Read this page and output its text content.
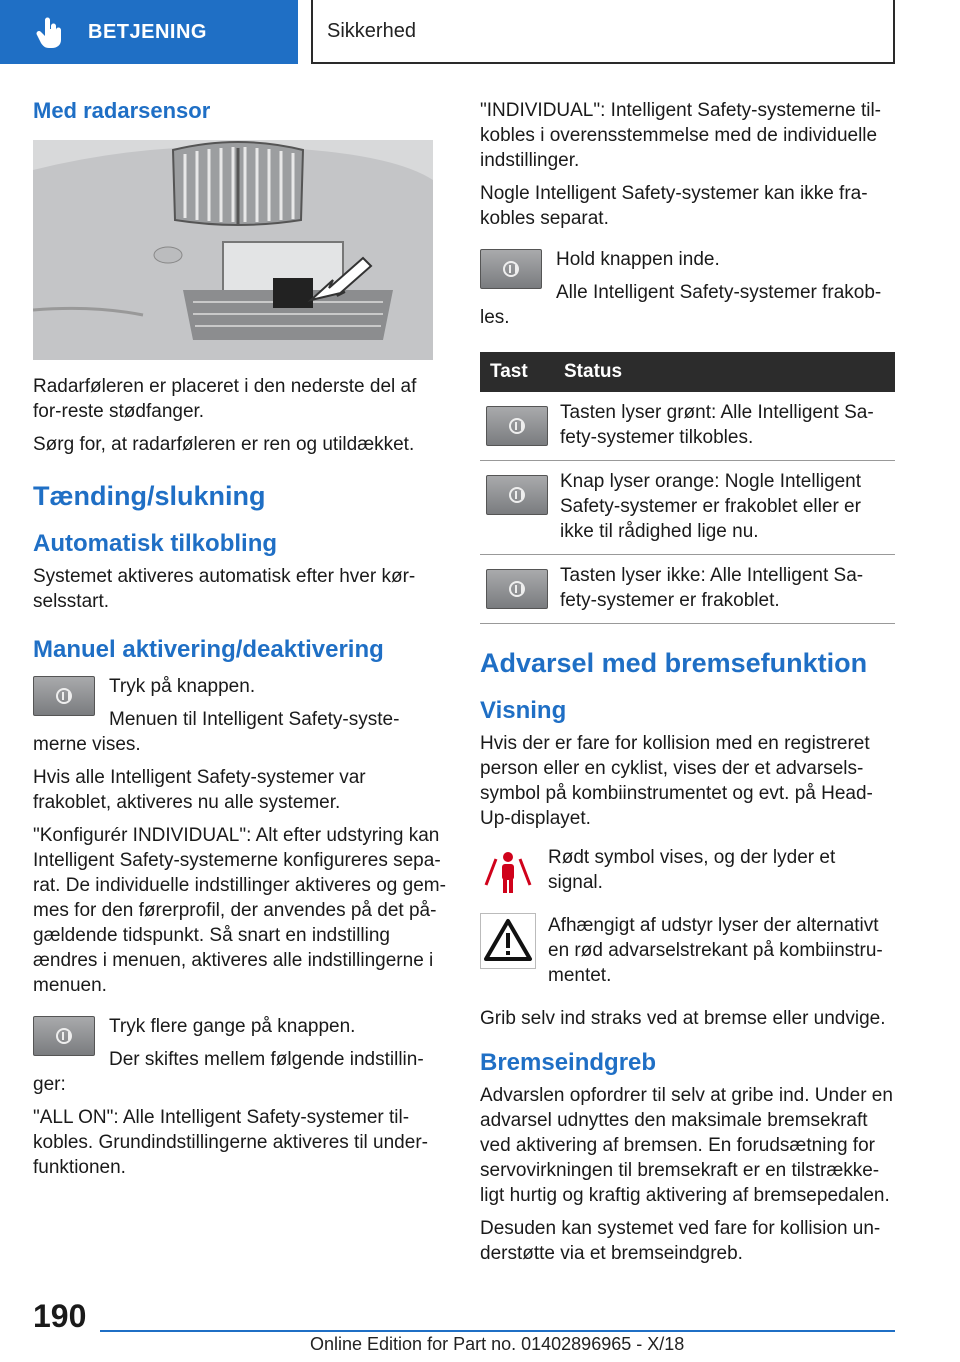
BETJENING	Sikkerhed
Med radarsensor

Radarføleren er placeret i den nederste del af for-reste stødfanger.

Sørg for, at radarføleren er ren og utildækket.

Tænding/slukning
Automatisk tilkobling

Systemet aktiveres automatisk efter hver kør-selsstart.

Manuel aktivering/deaktivering

Tryk på knappen.

Menuen til Intelligent Safety-syste-merne vises.

Hvis alle Intelligent Safety-systemer var frakoblet, aktiveres nu alle systemer.

"Konfigurér INDIVIDUAL": Alt efter udstyring kan Intelligent Safety-systemerne konfigureres sepa-rat. De individuelle indstillinger aktiveres og gem-mes for den førerprofil, der anvendes på det på-gældende tidspunkt. Så snart en indstilling ændres i menuen, aktiveres alle indstillingerne i menuen.

Tryk flere gange på knappen.

Der skiftes mellem følgende indstillin-ger:

"ALL ON": Alle Intelligent Safety-systemer til-kobles. Grundindstillingerne aktiveres til under-funktionen.

"INDIVIDUAL": Intelligent Safety-systemerne til-kobles i overensstemmelse med de individuelle indstillinger.

Nogle Intelligent Safety-systemer kan ikke fra-kobles separat.

Hold knappen inde.

Alle Intelligent Safety-systemer frakob-les.

Tast	Status

	Tasten lyser grønt: Alle Intelligent Sa-fety-systemer tilkobles.

	Knap lyser orange: Nogle Intelligent Safety-systemer er frakoblet eller er ikke til rådighed lige nu.

	Tasten lyser ikke: Alle Intelligent Sa-fety-systemer er frakoblet.
Advarsel med bremsefunktion
Visning

Hvis der er fare for kollision med en registreret person eller en cyklist, vises der et advarsels-symbol på kombiinstrumentet og evt. på Head-Up-displayet.

Rødt symbol vises, og der lyder et signal.

Afhængigt af udstyr lyser der alternativt en rød advarselstrekant på kombiinstru-mentet.

Grib selv ind straks ved at bremse eller undvige.

Bremseindgreb

Advarslen opfordrer til selv at gribe ind. Under en advarsel udnyttes den maksimale bremsekraft ved aktivering af bremsen. En forudsætning for servovirkningen til bremsekraft er en tilstrække-ligt hurtig og kraftig aktivering af bremsepedalen.

Desuden kan systemet ved fare for kollision un-derstøtte via et bremseindgreb.

190
Online Edition for Part no. 01402896965 - X/18
